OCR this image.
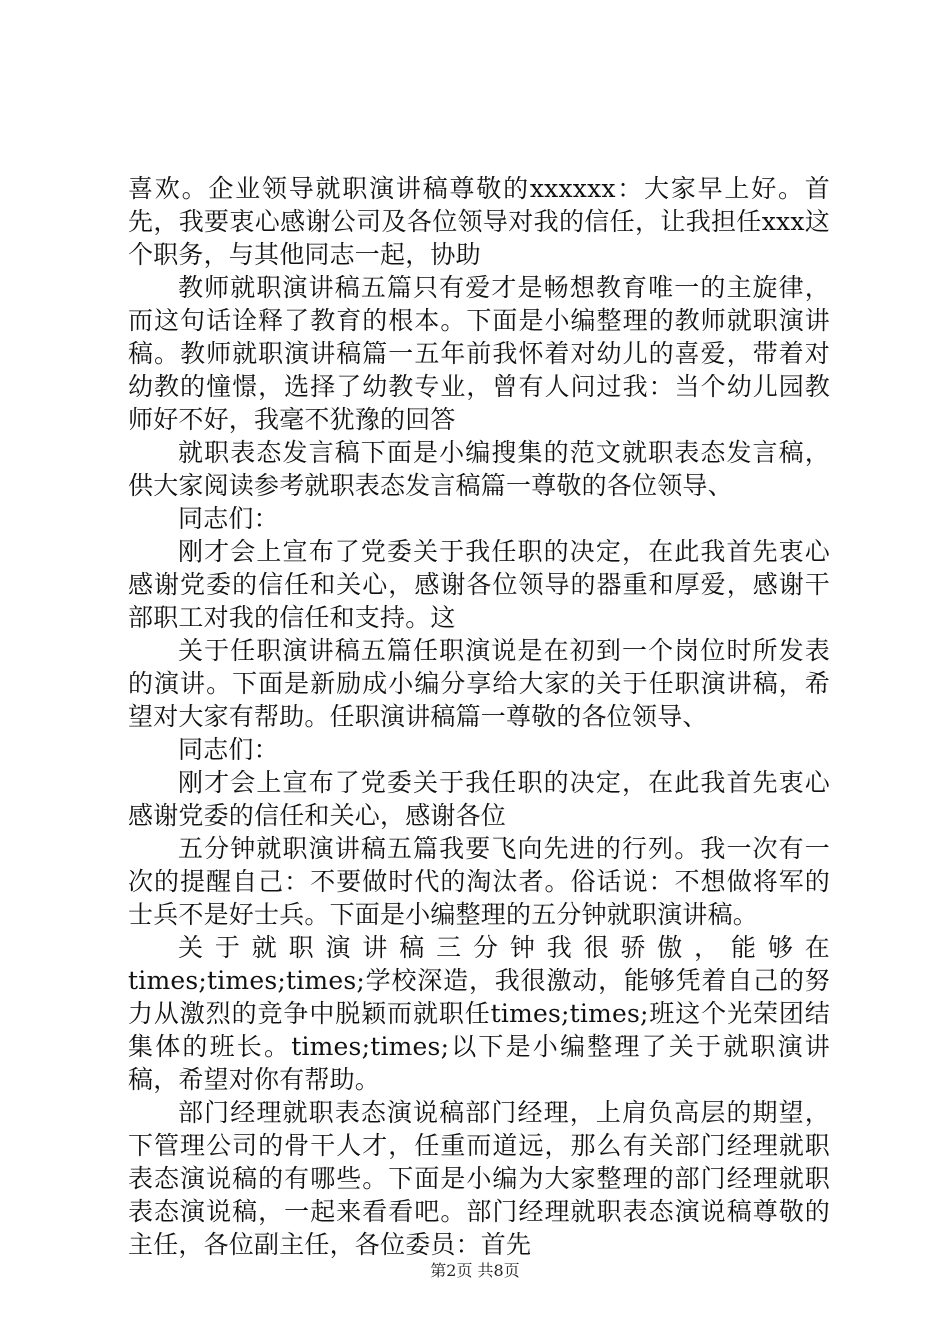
喜欢。企业领导就职演讲稿尊敬的xxxxxx：大家早上好。首先，我要衷心感谢公司及各位领导对我的信任，让我担任xxx这个职务，与其他同志一起，协助

教师就职演讲稿五篇只有爱才是畅想教育唯一的主旋律，而这句话诠释了教育的根本。下面是小编整理的教师就职演讲稿。教师就职演讲稿篇一五年前我怀着对幼儿的喜爱，带着对幼教的憧憬，选择了幼教专业，曾有人问过我：当个幼儿园教师好不好，我毫不犹豫的回答

就职表态发言稿下面是小编搜集的范文就职表态发言稿，供大家阅读参考就职表态发言稿篇一尊敬的各位领导、

同志们：

刚才会上宣布了党委关于我任职的决定，在此我首先衷心感谢党委的信任和关心，感谢各位领导的器重和厚爱，感谢干部职工对我的信任和支持。这

关于任职演讲稿五篇任职演说是在初到一个岗位时所发表的演讲。下面是新励成小编分享给大家的关于任职演讲稿，希望对大家有帮助。任职演讲稿篇一尊敬的各位领导、

同志们：

刚才会上宣布了党委关于我任职的决定，在此我首先衷心感谢党委的信任和关心，感谢各位

五分钟就职演讲稿五篇我要飞向先进的行列。我一次有一次的提醒自己：不要做时代的淘汰者。俗话说：不想做将军的士兵不是好士兵。下面是小编整理的五分钟就职演讲稿。

关于就职演讲稿三分钟我很骄傲，能够在times;times;times;学校深造，我很激动，能够凭着自己的努力从激烈的竞争中脱颖而就职任times;times;班这个光荣团结集体的班长。times;times;以下是小编整理了关于就职演讲稿，希望对你有帮助。

部门经理就职表态演说稿部门经理，上肩负高层的期望，下管理公司的骨干人才，任重而道远，那么有关部门经理就职表态演说稿的有哪些。下面是小编为大家整理的部门经理就职表态演说稿，一起来看看吧。部门经理就职表态演说稿尊敬的主任，各位副主任，各位委员：首先

第2页 共8页
